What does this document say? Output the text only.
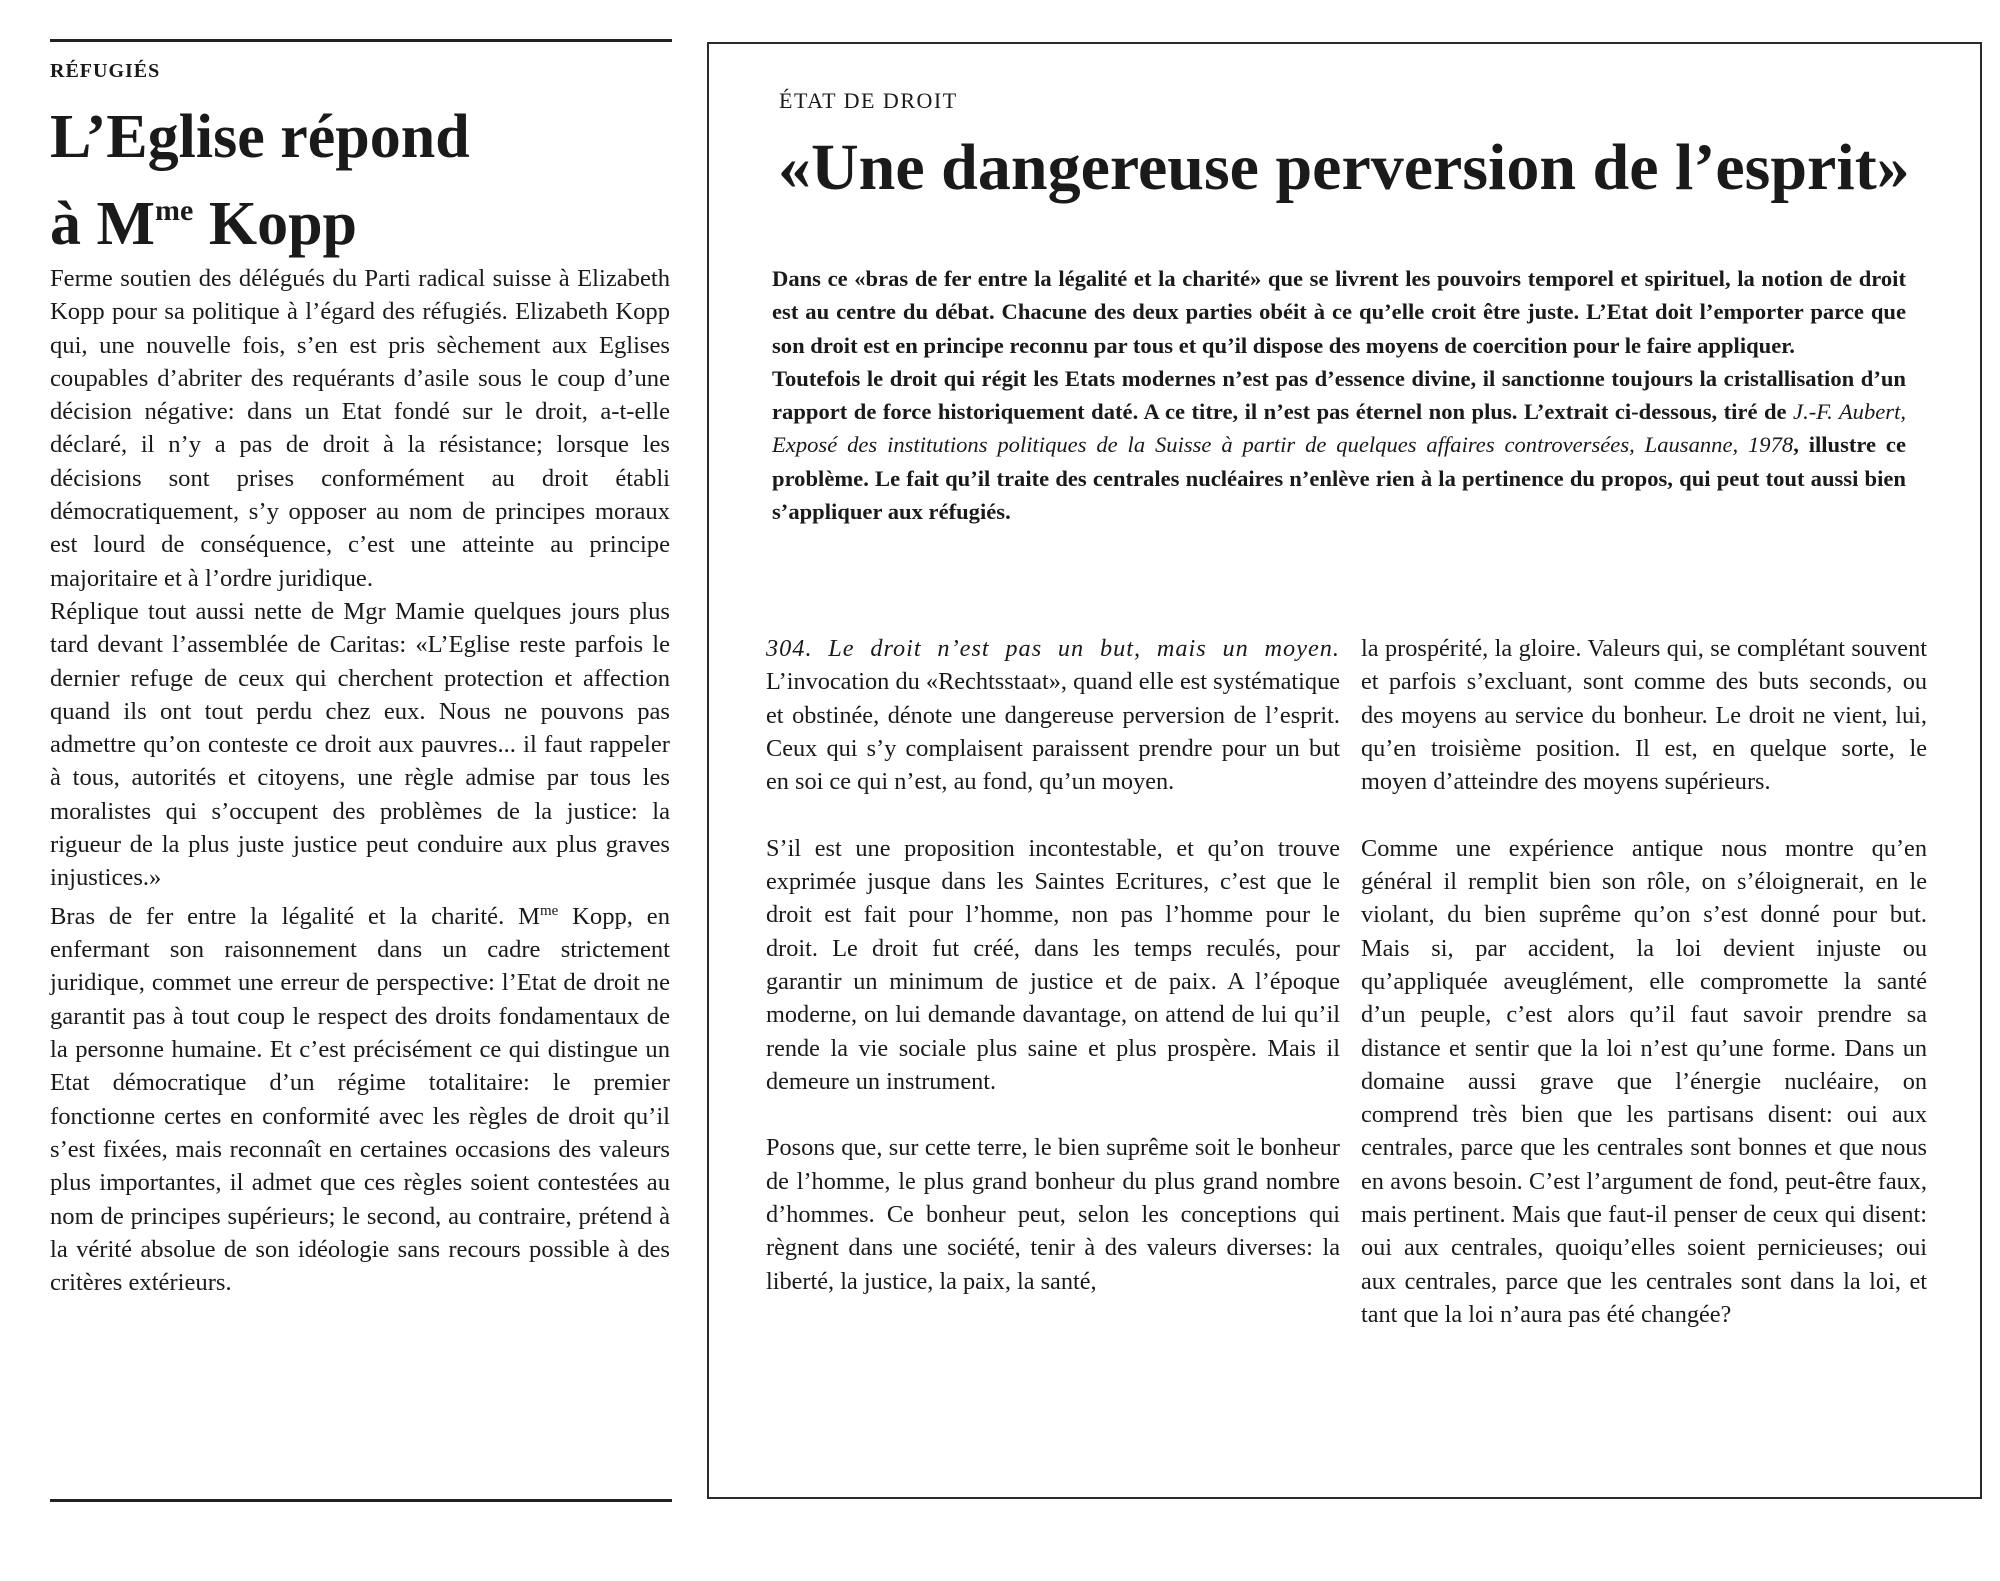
RÉFUGIÉS
L’Eglise répond
à $M^{me}$ Kopp

Ferme soutien des délégués du Parti radical suisse à Elizabeth Kopp pour sa politique à l’égard des réfugiés. Elizabeth Kopp qui, une nouvelle fois, s’en est pris sèchement aux Eglises coupables d’abriter des requérants d’asile sous le coup d’une décision négative: dans un Etat fondé sur le droit, a-t-elle déclaré, il n’y a pas de droit à la résistance; lorsque les décisions sont prises conformément au droit établi démocratiquement, s’y opposer au nom de principes moraux est lourd de conséquence, c’est une atteinte au principe majoritaire et à l’ordre juridique.

Réplique tout aussi nette de Mgr Mamie quelques jours plus tard devant l’assemblée de Caritas: «L’Eglise reste parfois le dernier refuge de ceux qui cherchent protection et affection quand ils ont tout perdu chez eux. Nous ne pouvons pas admettre qu’on conteste ce droit aux pauvres... il faut rappeler à tous, autorités et citoyens, une règle admise par tous les moralistes qui s’occupent des problèmes de la justice: la rigueur de la plus juste justice peut conduire aux plus graves injustices.»

Bras de fer entre la légalité et la charité. $M^{me}$ Kopp, en enfermant son raisonnement dans un cadre strictement juridique, commet une erreur de perspective: l’Etat de droit ne garantit pas à tout coup le respect des droits fondamentaux de la personne humaine. Et c’est précisément ce qui distingue un Etat démocratique d’un régime totalitaire: le premier fonctionne certes en conformité avec les règles de droit qu’il s’est fixées, mais reconnaît en certaines occasions des valeurs plus importantes, il admet que ces règles soient contestées au nom de principes supérieurs; le second, au contraire, prétend à la vérité absolue de son idéologie sans recours possible à des critères extérieurs.

ÉTAT DE DROIT
«Une dangereuse perversion de l’esprit»

Dans ce «bras de fer entre la légalité et la charité» que se livrent les pouvoirs temporel et spirituel, la notion de droit est au centre du débat. Chacune des deux parties obéit à ce qu’elle croit être juste. L’Etat doit l’emporter parce que son droit est en principe reconnu par tous et qu’il dispose des moyens de coercition pour le faire appliquer.

Toutefois le droit qui régit les Etats modernes n’est pas d’essence divine, il sanctionne toujours la cristallisation d’un rapport de force historiquement daté. A ce titre, il n’est pas éternel non plus. L’extrait ci-dessous, tiré de J.-F. Aubert, Exposé des institutions politiques de la Suisse à partir de quelques affaires controversées, Lausanne, 1978, illustre ce problème. Le fait qu’il traite des centrales nucléaires n’enlève rien à la pertinence du propos, qui peut tout aussi bien s’appliquer aux réfugiés.

304. Le droit n’est pas un but, mais un moyen. L’invocation du «Rechtsstaat», quand elle est systématique et obstinée, dénote une dangereuse perversion de l’esprit. Ceux qui s’y complaisent paraissent prendre pour un but en soi ce qui n’est, au fond, qu’un moyen.

S’il est une proposition incontestable, et qu’on trouve exprimée jusque dans les Saintes Ecritures, c’est que le droit est fait pour l’homme, non pas l’homme pour le droit. Le droit fut créé, dans les temps reculés, pour garantir un minimum de justice et de paix. A l’époque moderne, on lui demande davantage, on attend de lui qu’il rende la vie sociale plus saine et plus prospère. Mais il demeure un instrument.

Posons que, sur cette terre, le bien suprême soit le bonheur de l’homme, le plus grand bonheur du plus grand nombre d’hommes. Ce bonheur peut, selon les conceptions qui règnent dans une société, tenir à des valeurs diverses: la liberté, la justice, la paix, la santé,

la prospérité, la gloire. Valeurs qui, se complétant souvent et parfois s’excluant, sont comme des buts seconds, ou des moyens au service du bonheur. Le droit ne vient, lui, qu’en troisième position. Il est, en quelque sorte, le moyen d’atteindre des moyens supérieurs.

Comme une expérience antique nous montre qu’en général il remplit bien son rôle, on s’éloignerait, en le violant, du bien suprême qu’on s’est donné pour but. Mais si, par accident, la loi devient injuste ou qu’appliquée aveuglément, elle compromette la santé d’un peuple, c’est alors qu’il faut savoir prendre sa distance et sentir que la loi n’est qu’une forme. Dans un domaine aussi grave que l’énergie nucléaire, on comprend très bien que les partisans disent: oui aux centrales, parce que les centrales sont bonnes et que nous en avons besoin. C’est l’argument de fond, peut-être faux, mais pertinent. Mais que faut-il penser de ceux qui disent: oui aux centrales, quoiqu’elles soient pernicieuses; oui aux centrales, parce que les centrales sont dans la loi, et tant que la loi n’aura pas été changée?
